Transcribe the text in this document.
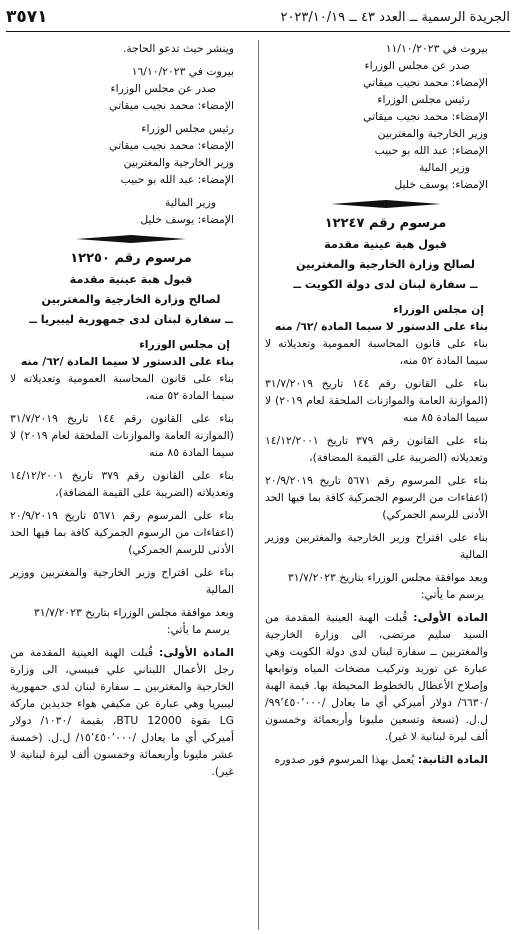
الجريدة الرسمية ــ العدد ٤٣ ــ ٢٠٢٣/١٠/١٩
٣٥٧١

بيروت في ١١/١٠/٢٠٢٣

صدر عن مجلس الوزراء

الإمضاء: محمد نجيب ميقاتي

رئيس مجلس الوزراء

الإمضاء: محمد نجيب ميقاتي

وزير الخارجية والمغتربين

الإمضاء: عبد الله بو حبيب

وزير المالية

الإمضاء: يوسف خليل

مرسوم رقم ١٢٢٤٧
قبول هبة عينية مقدمة
لصالح وزارة الخارجية والمغتربين
ــ سفارة لبنان لدى دولة الكويت ــ

إن مجلس الوزراء

بناء على الدستور لا سيما المادة /٦٢/ منه

بناء على قانون المحاسبة العمومية وتعديلاته لا سيما المادة ٥٢ منه،

بناء على القانون رقم ١٤٤ تاريخ ٣١/٧/٢٠١٩ (الموازنة العامة والموازنات الملحقة لعام ٢٠١٩) لا سيما المادة ٨٥ منه

بناء على القانون رقم ٣٧٩ تاريخ ١٤/١٢/٢٠٠١ وتعديلاته (الضريبة على القيمة المضافة)،

بناء على المرسوم رقم ٥٦٧١ تاريخ ٢٠/٩/٢٠١٩ (اعفاءات من الرسوم الجمركية كافة بما فيها الحد الأدنى للرسم الجمركي)

بناء على اقتراح وزير الخارجية والمغتربين ووزير المالية

وبعد موافقة مجلس الوزراء بتاريخ ٣١/٧/٢٠٢٣

يرسم ما يأتي:

المادة الأولى: قُبلت الهبة العينية المقدمة من السيد سليم مرتضى، الى وزارة الخارجية والمغتربين ــ سفارة لبنان لدى دولة الكويت وهي عبارة عن توريد وتركيب مضخات المياه وتوابعها وإصلاح الأعطال بالخطوط المحيطة بها. قيمة الهبة /٦٦٣٠/ دولار أميركي أي ما يعادل /٩٩٬٤٥٠٬٠٠٠/ ل.ل. (تسعة وتسعين مليونا وأربعمائة وخمسون ألف ليرة لبنانية لا غير).

المادة الثانية: يُعمل بهذا المرسوم فور صدوره

وينشر حيث تدعو الحاجة.

بيروت في ١٦/١٠/٢٠٢٣

صدر عن مجلس الوزراء

الإمضاء: محمد نجيب ميقاتي

رئيس مجلس الوزراء

الإمضاء: محمد نجيب ميقاتي

وزير الخارجية والمغتربين

الإمضاء: عبد الله بو حبيب

وزير المالية

الإمضاء: يوسف خليل

مرسوم رقم ١٢٢٥٠
قبول هبة عينية مقدمة
لصالح وزارة الخارجية والمغتربين
ــ سفارة لبنان لدى جمهورية ليبيريا ــ

إن مجلس الوزراء

بناء على الدستور لا سيما المادة /٦٢/ منه

بناء على قانون المحاسبة العمومية وتعديلاته لا سيما المادة ٥٢ منه،

بناء على القانون رقم ١٤٤ تاريخ ٣١/٧/٢٠١٩ (الموازنة العامة والموازنات الملحقة لعام ٢٠١٩) لا سيما المادة ٨٥ منه

بناء على القانون رقم ٣٧٩ تاريخ ١٤/١٢/٢٠٠١ وتعديلاته (الضريبة على القيمة المضافة)،

بناء على المرسوم رقم ٥٦٧١ تاريخ ٢٠/٩/٢٠١٩ (اعفاءات من الرسوم الجمركية كافة بما فيها الحد الأدنى للرسم الجمركي)

بناء على اقتراح وزير الخارجية والمغتربين ووزير المالية

وبعد موافقة مجلس الوزراء بتاريخ ٣١/٧/٢٠٢٣

يرسم ما يأتي:

المادة الأولى: قُبلت الهبة العينية المقدمة من رجل الأعمال اللبناني علي فبيسي، الى وزارة الخارجية والمغتربين ــ سفارة لبنان لدى جمهورية ليبيريا وهي عبارة عن مكيفي هواء جديدين ماركة LG بقوة BTU 12000، بقيمة /١٠٣٠/ دولار أميركي أي ما يعادل /١٥٬٤٥٠٬٠٠٠/ ل.ل. (خمسة عشر مليونا وأربعمائة وخمسون ألف ليرة لبنانية لا غير).
